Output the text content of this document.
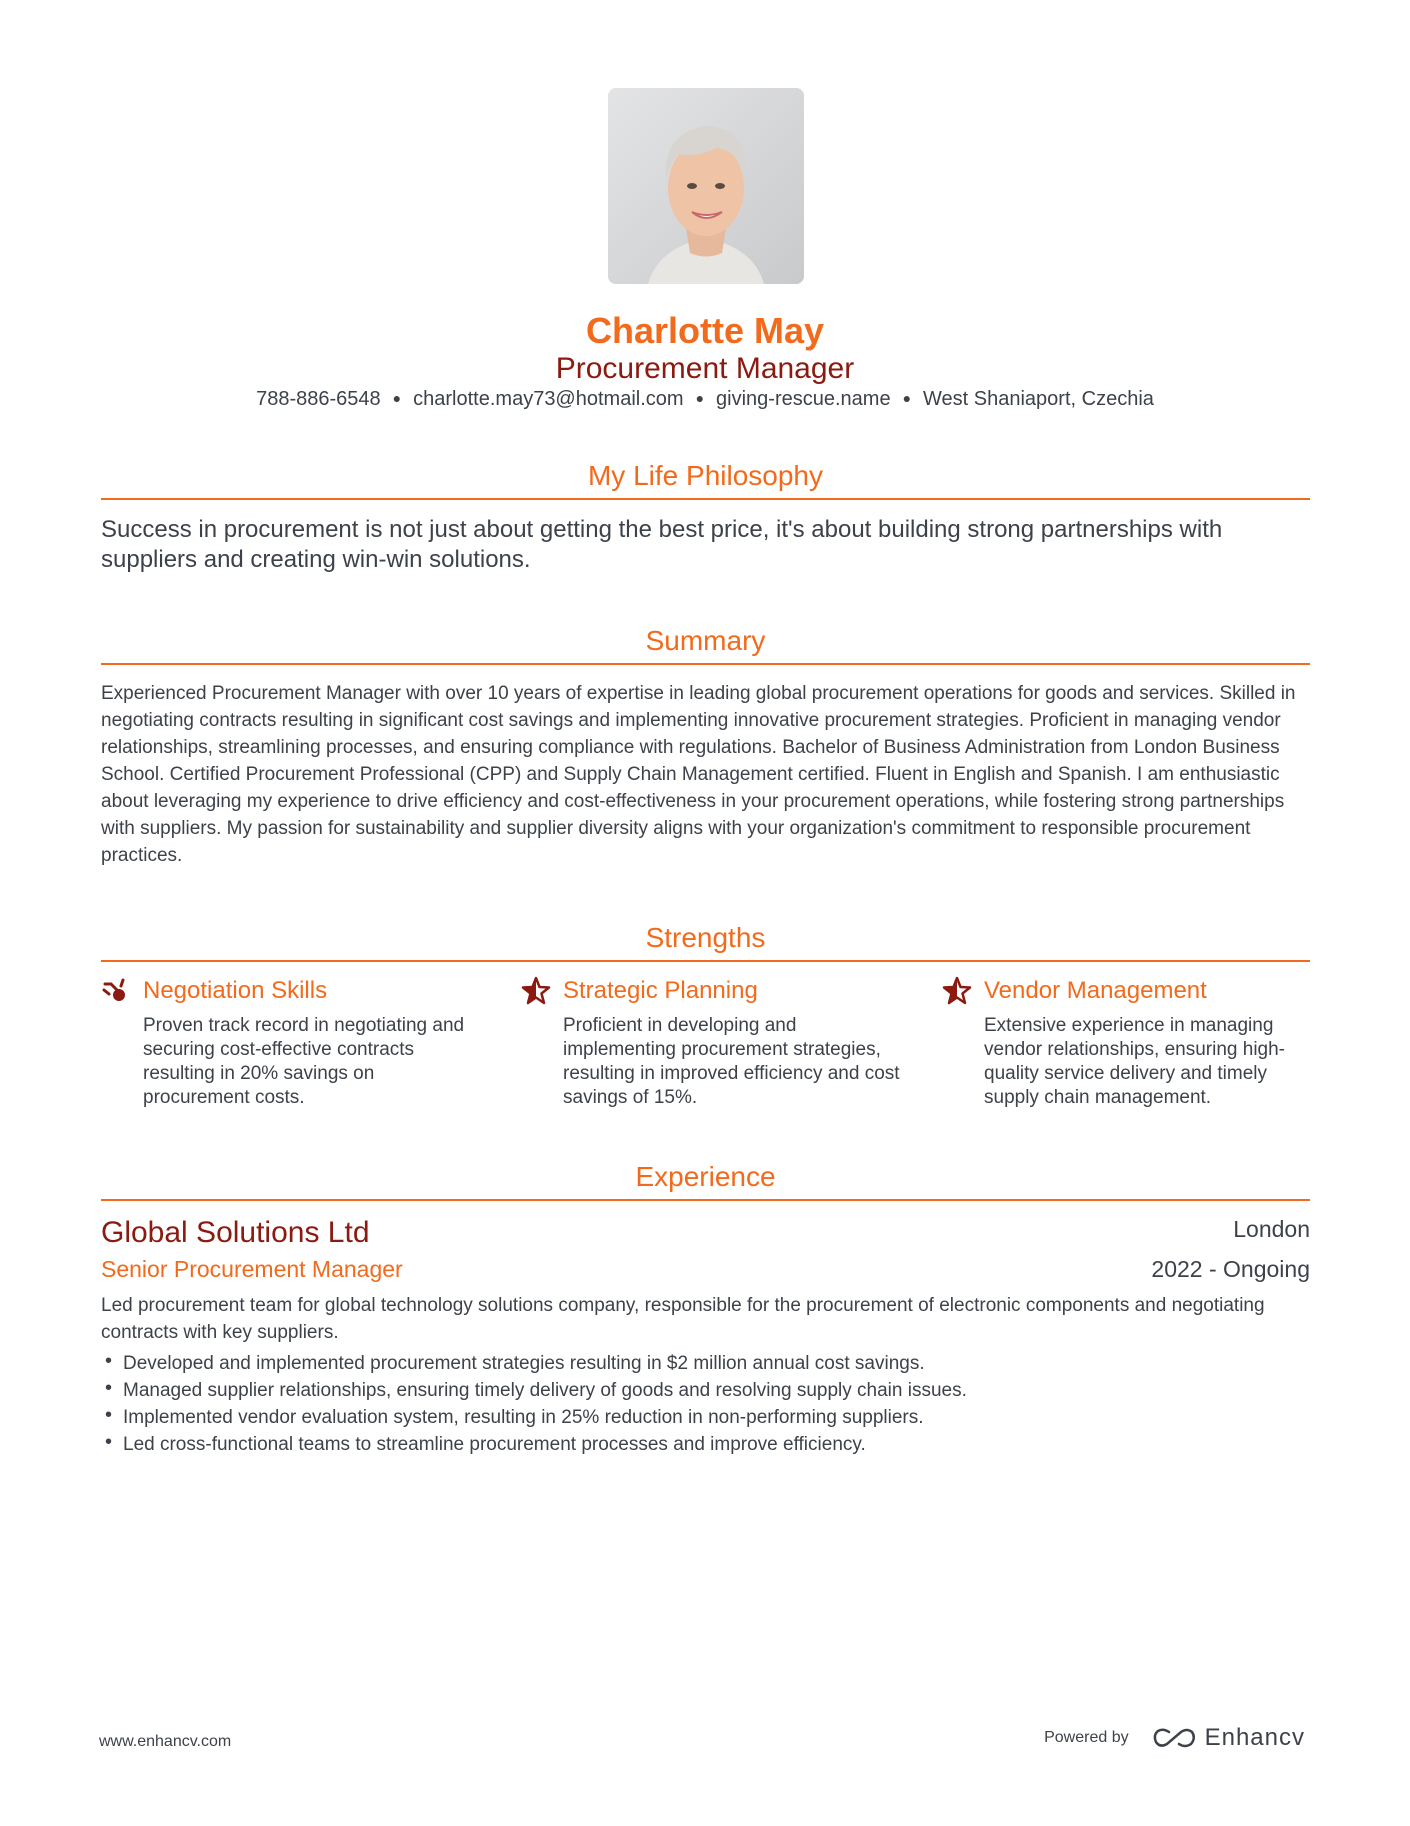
Charlotte May
Procurement Manager
788-886-6548 ● charlotte.may73@hotmail.com ● giving-rescue.name ● West Shaniaport, Czechia
My Life Philosophy
Success in procurement is not just about getting the best price, it's about building strong partnerships with suppliers and creating win-win solutions.
Summary
Experienced Procurement Manager with over 10 years of expertise in leading global procurement operations for goods and services. Skilled in negotiating contracts resulting in significant cost savings and implementing innovative procurement strategies. Proficient in managing vendor relationships, streamlining processes, and ensuring compliance with regulations. Bachelor of Business Administration from London Business School. Certified Procurement Professional (CPP) and Supply Chain Management certified. Fluent in English and Spanish. I am enthusiastic about leveraging my experience to drive efficiency and cost-effectiveness in your procurement operations, while fostering strong partnerships with suppliers. My passion for sustainability and supplier diversity aligns with your organization's commitment to responsible procurement practices.
Strengths
Negotiation Skills
Proven track record in negotiating and securing cost-effective contracts resulting in 20% savings on procurement costs.
Strategic Planning
Proficient in developing and implementing procurement strategies, resulting in improved efficiency and cost savings of 15%.
Vendor Management
Extensive experience in managing vendor relationships, ensuring high-quality service delivery and timely supply chain management.
Experience
Global Solutions Ltd	London
Senior Procurement Manager	2022 - Ongoing
Led procurement team for global technology solutions company, responsible for the procurement of electronic components and negotiating contracts with key suppliers.
• Developed and implemented procurement strategies resulting in $2 million annual cost savings.
• Managed supplier relationships, ensuring timely delivery of goods and resolving supply chain issues.
• Implemented vendor evaluation system, resulting in 25% reduction in non-performing suppliers.
• Led cross-functional teams to streamline procurement processes and improve efficiency.
www.enhancv.com	Powered by	Enhancv
